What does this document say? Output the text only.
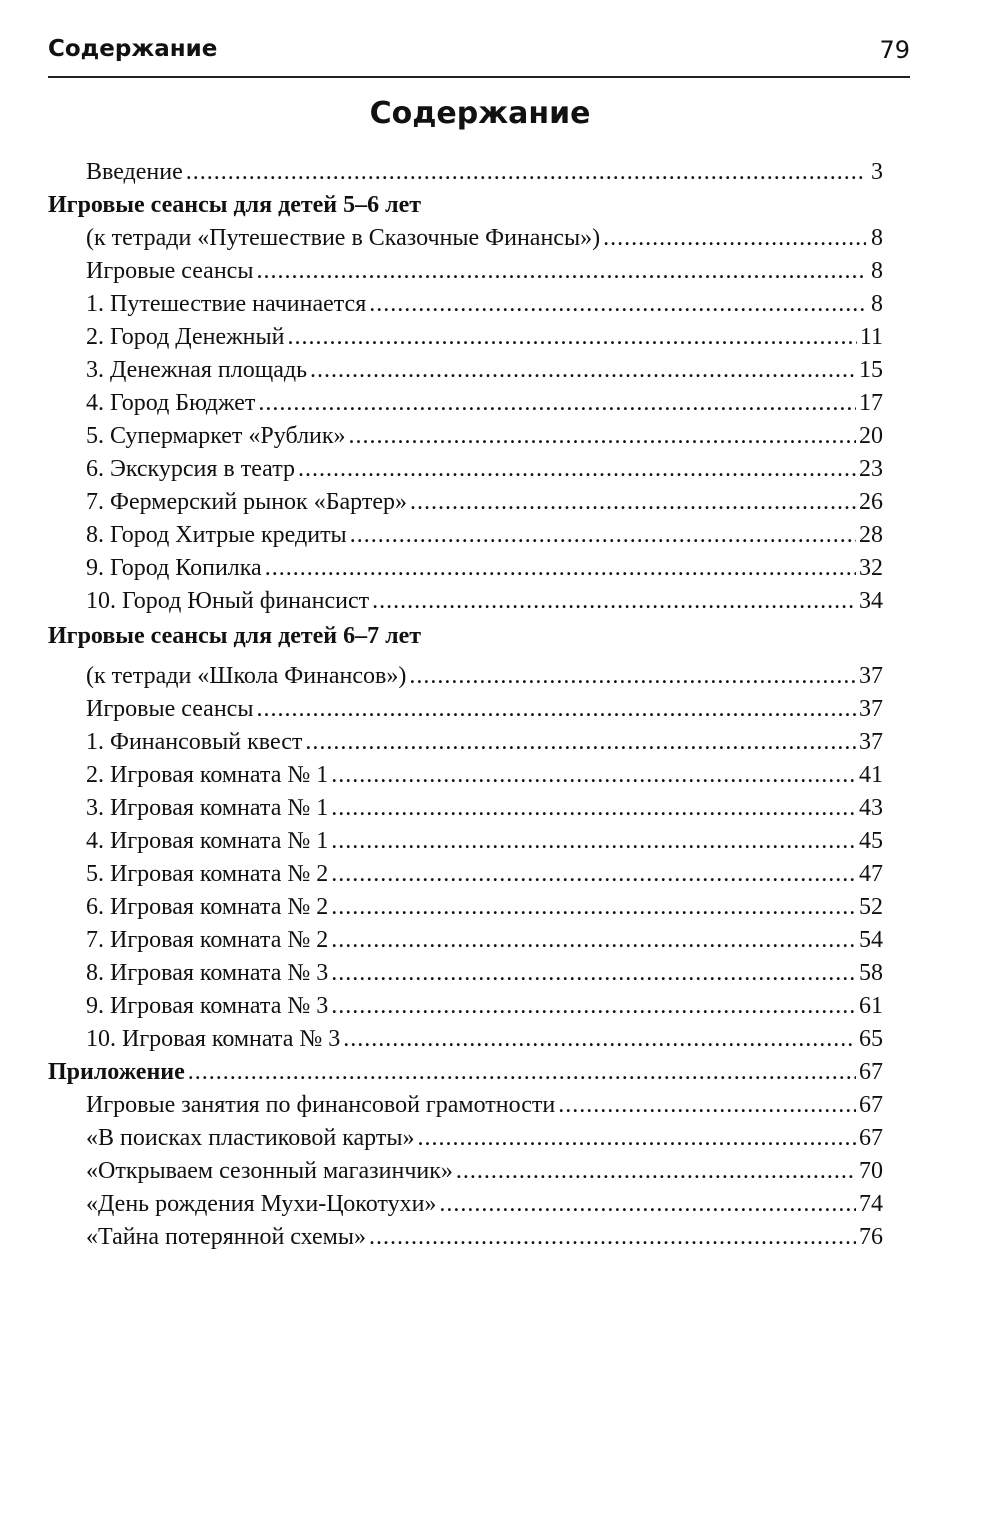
Содержание	79
Содержание
Введение .....	3
Игровые сеансы для детей 5–6 лет
(к тетради «Путешествие в Сказочные Финансы») .....	8
Игровые сеансы .....	8
1. Путешествие начинается .....	8
2. Город Денежный .....	11
3. Денежная площадь .....	15
4. Город Бюджет .....	17
5. Супермаркет «Рублик» .....	20
6. Экскурсия в театр .....	23
7. Фермерский рынок «Бартер» .....	26
8. Город Хитрые кредиты .....	28
9. Город Копилка .....	32
10. Город Юный финансист .....	34
Игровые сеансы для детей 6–7 лет
(к тетради «Школа Финансов») .....	37
Игровые сеансы .....	37
1. Финансовый квест .....	37
2. Игровая комната № 1 .....	41
3. Игровая комната № 1 .....	43
4. Игровая комната № 1 .....	45
5. Игровая комната № 2 .....	47
6. Игровая комната № 2 .....	52
7. Игровая комната № 2 .....	54
8. Игровая комната № 3 .....	58
9. Игровая комната № 3 .....	61
10. Игровая комната № 3 .....	65
Приложение .....	67
Игровые занятия по финансовой грамотности .....	67
«В поисках пластиковой карты» .....	67
«Открываем сезонный магазинчик» .....	70
«День рождения Мухи-Цокотухи» .....	74
«Тайна потерянной схемы» .....	76
